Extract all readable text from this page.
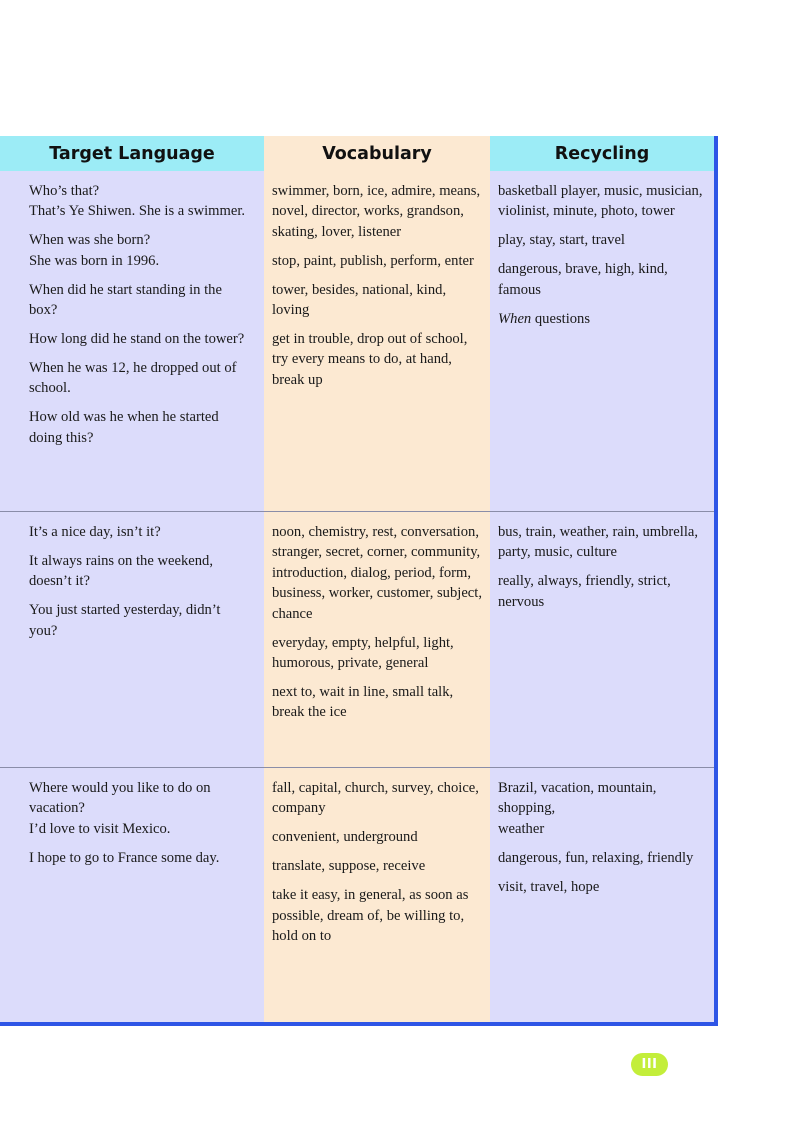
Target Language	Vocabulary	Recycling

Who’s that?
That’s Ye Shiwen. She is a swimmer.

When was she born?
She was born in 1996.

When did he start standing in the
box?

How long did he stand on the tower?

When he was 12, he dropped out of
school.

How old was he when he started
doing this?

swimmer, born, ice, admire, means,
novel, director, works, grandson,
skating, lover, listener

stop, paint, publish, perform, enter

tower, besides, national, kind,
loving

get in trouble, drop out of school,
try every means to do, at hand,
break up

basketball player, music, musician,
violinist, minute, photo, tower

play, stay, start, travel

dangerous, brave, high, kind,
famous

When questions

It’s a nice day, isn’t it?

It always rains on the weekend,
doesn’t it?

You just started yesterday, didn’t you?

noon, chemistry, rest, conversation,
stranger, secret, corner, community,
introduction, dialog, period, form,
business, worker, customer, subject,
chance

everyday, empty, helpful, light,
humorous, private, general

next to, wait in line, small talk,
break the ice

bus, train, weather, rain, umbrella,
party, music, culture

really, always, friendly, strict,
nervous

Where would you like to do on
vacation?
I’d love to visit Mexico.

I hope to go to France some day.

fall, capital, church, survey, choice,
company

convenient, underground

translate, suppose, receive

take it easy, in general, as soon as
possible, dream of, be willing to,
hold on to

Brazil, vacation, mountain, shopping,
weather

dangerous, fun, relaxing, friendly

visit, travel, hope

III
